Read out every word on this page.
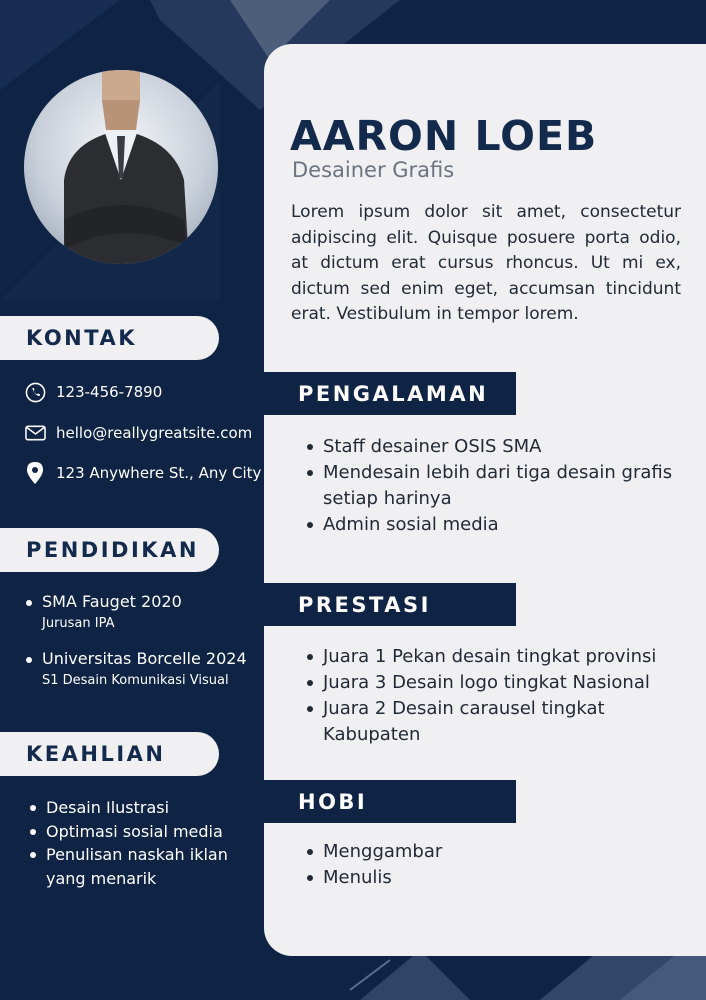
AARON LOEB
Desainer Grafis

Lorem ipsum dolor sit amet, consectetur adipiscing elit. Quisque posuere porta odio, at dictum erat cursus rhoncus. Ut mi ex, dictum sed enim eget, accumsan tincidunt erat. Vestibulum in tempor lorem.

KONTAK
123-456-7890
hello@reallygreatsite.com
123 Anywhere St., Any City
PENDIDIKAN
SMA Fauget 2020
Jurusan IPA
Universitas Borcelle 2024
S1 Desain Komunikasi Visual
KEAHLIAN
Desain Ilustrasi
Optimasi sosial media
Penulisan naskah iklan yang menarik
PENGALAMAN
Staff desainer OSIS SMA
Mendesain lebih dari tiga desain grafis setiap harinya
Admin sosial media
PRESTASI
Juara 1 Pekan desain tingkat provinsi
Juara 3 Desain logo tingkat Nasional
Juara 2 Desain carausel tingkat Kabupaten
HOBI
Menggambar
Menulis
